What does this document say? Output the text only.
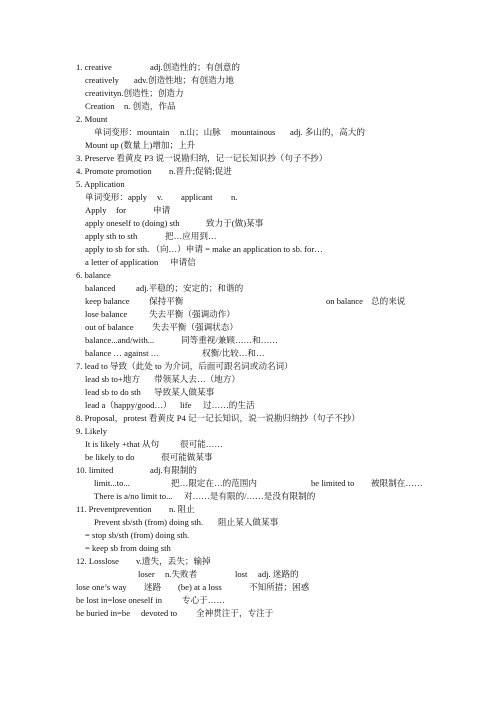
1. creative	adj.创造性的；有创意的
creatively adv.创造性地；有创造力地
creativity n.创造性；创造力
Creation n. 创造，作品
2. Mount
单词变形：mountain n.山；山脉 mountainous adj. 多山的，高大的
Mount up (数量上)增加；上升
3. Preserve 看黄皮 P3 说一说勘归纳，记一记长知识抄（句子不抄）
4. Promote promotion n.晋升;促销;促进
5. Application
单词变形：apply v. applicant n.
Apply for	申请
apply oneself to (doing) sth	致力于(做)某事
apply sth to sth	把…应用到…
apply to sb for sth. （向…）申请 = make an application to sb. for…
a letter of application 申请信
6. balance
balanced adj.平稳的；安定的；和谐的
keep balance 保持平衡	on balance 总的来说
lose balance	失去平衡（强调动作）
out of balance 失去平衡（强调状态）
balance...and/with...	同等重视/兼顾……和……
balance … against …	权衡/比较…和…
7. lead to 导致（此处 to 为介词，后面可跟名词或动名词）
lead sb to+地方 带领某人去…（地方）
lead sb to do sth 导致某人做某事
lead a（happy/good…） life 过……的生活
8. Proposal，protest 看黄皮 P4 记一记长知识，说一说勘归纳抄（句子不抄）
9. Likely
It is likely +that 从句 很可能……
be likely to do	很可能做某事
10. limited	adj.有限制的
limit...to...	把…限定在…的范围内	be limited to 被限制在……
There is a/no limit to... 对……是有限的/……是没有限制的
11. Preventprevention n. 阻止
Prevent sb/sth (from) doing sth. 阻止某人做某事
= stop sb/sth (from) doing sth.
= keep sb from doing sth
12. Losslose v.遗失，丢失；输掉
loser n.失败者	lost adj. 迷路的
lose one’s way 迷路 (be) at a loss	不知所措；困惑
be lost in=lose oneself in 专心于……
be buried in=be devoted to 全神贯注于，专注于
